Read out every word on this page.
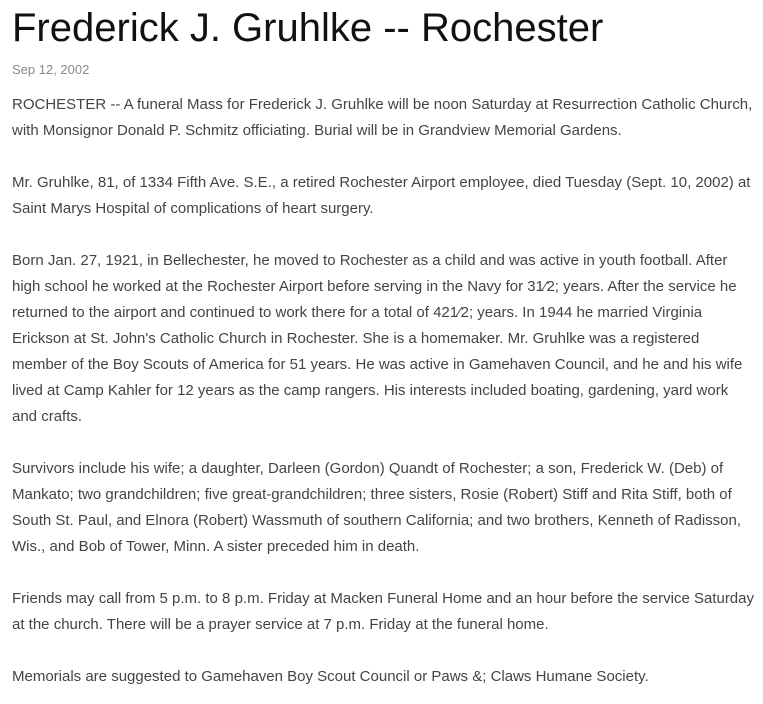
Frederick J. Gruhlke -- Rochester
Sep 12, 2002

ROCHESTER -- A funeral Mass for Frederick J. Gruhlke will be noon Saturday at Resurrection Catholic Church, with Monsignor Donald P. Schmitz officiating. Burial will be in Grandview Memorial Gardens.

Mr. Gruhlke, 81, of 1334 Fifth Ave. S.E., a retired Rochester Airport employee, died Tuesday (Sept. 10, 2002) at Saint Marys Hospital of complications of heart surgery.

Born Jan. 27, 1921, in Bellechester, he moved to Rochester as a child and was active in youth football. After high school he worked at the Rochester Airport before serving in the Navy for 31⁄2; years. After the service he returned to the airport and continued to work there for a total of 421⁄2; years. In 1944 he married Virginia Erickson at St. John's Catholic Church in Rochester. She is a homemaker. Mr. Gruhlke was a registered member of the Boy Scouts of America for 51 years. He was active in Gamehaven Council, and he and his wife lived at Camp Kahler for 12 years as the camp rangers. His interests included boating, gardening, yard work and crafts.

Survivors include his wife; a daughter, Darleen (Gordon) Quandt of Rochester; a son, Frederick W. (Deb) of Mankato; two grandchildren; five great-grandchildren; three sisters, Rosie (Robert) Stiff and Rita Stiff, both of South St. Paul, and Elnora (Robert) Wassmuth of southern California; and two brothers, Kenneth of Radisson, Wis., and Bob of Tower, Minn. A sister preceded him in death.

Friends may call from 5 p.m. to 8 p.m. Friday at Macken Funeral Home and an hour before the service Saturday at the church. There will be a prayer service at 7 p.m. Friday at the funeral home.

Memorials are suggested to Gamehaven Boy Scout Council or Paws &; Claws Humane Society.
